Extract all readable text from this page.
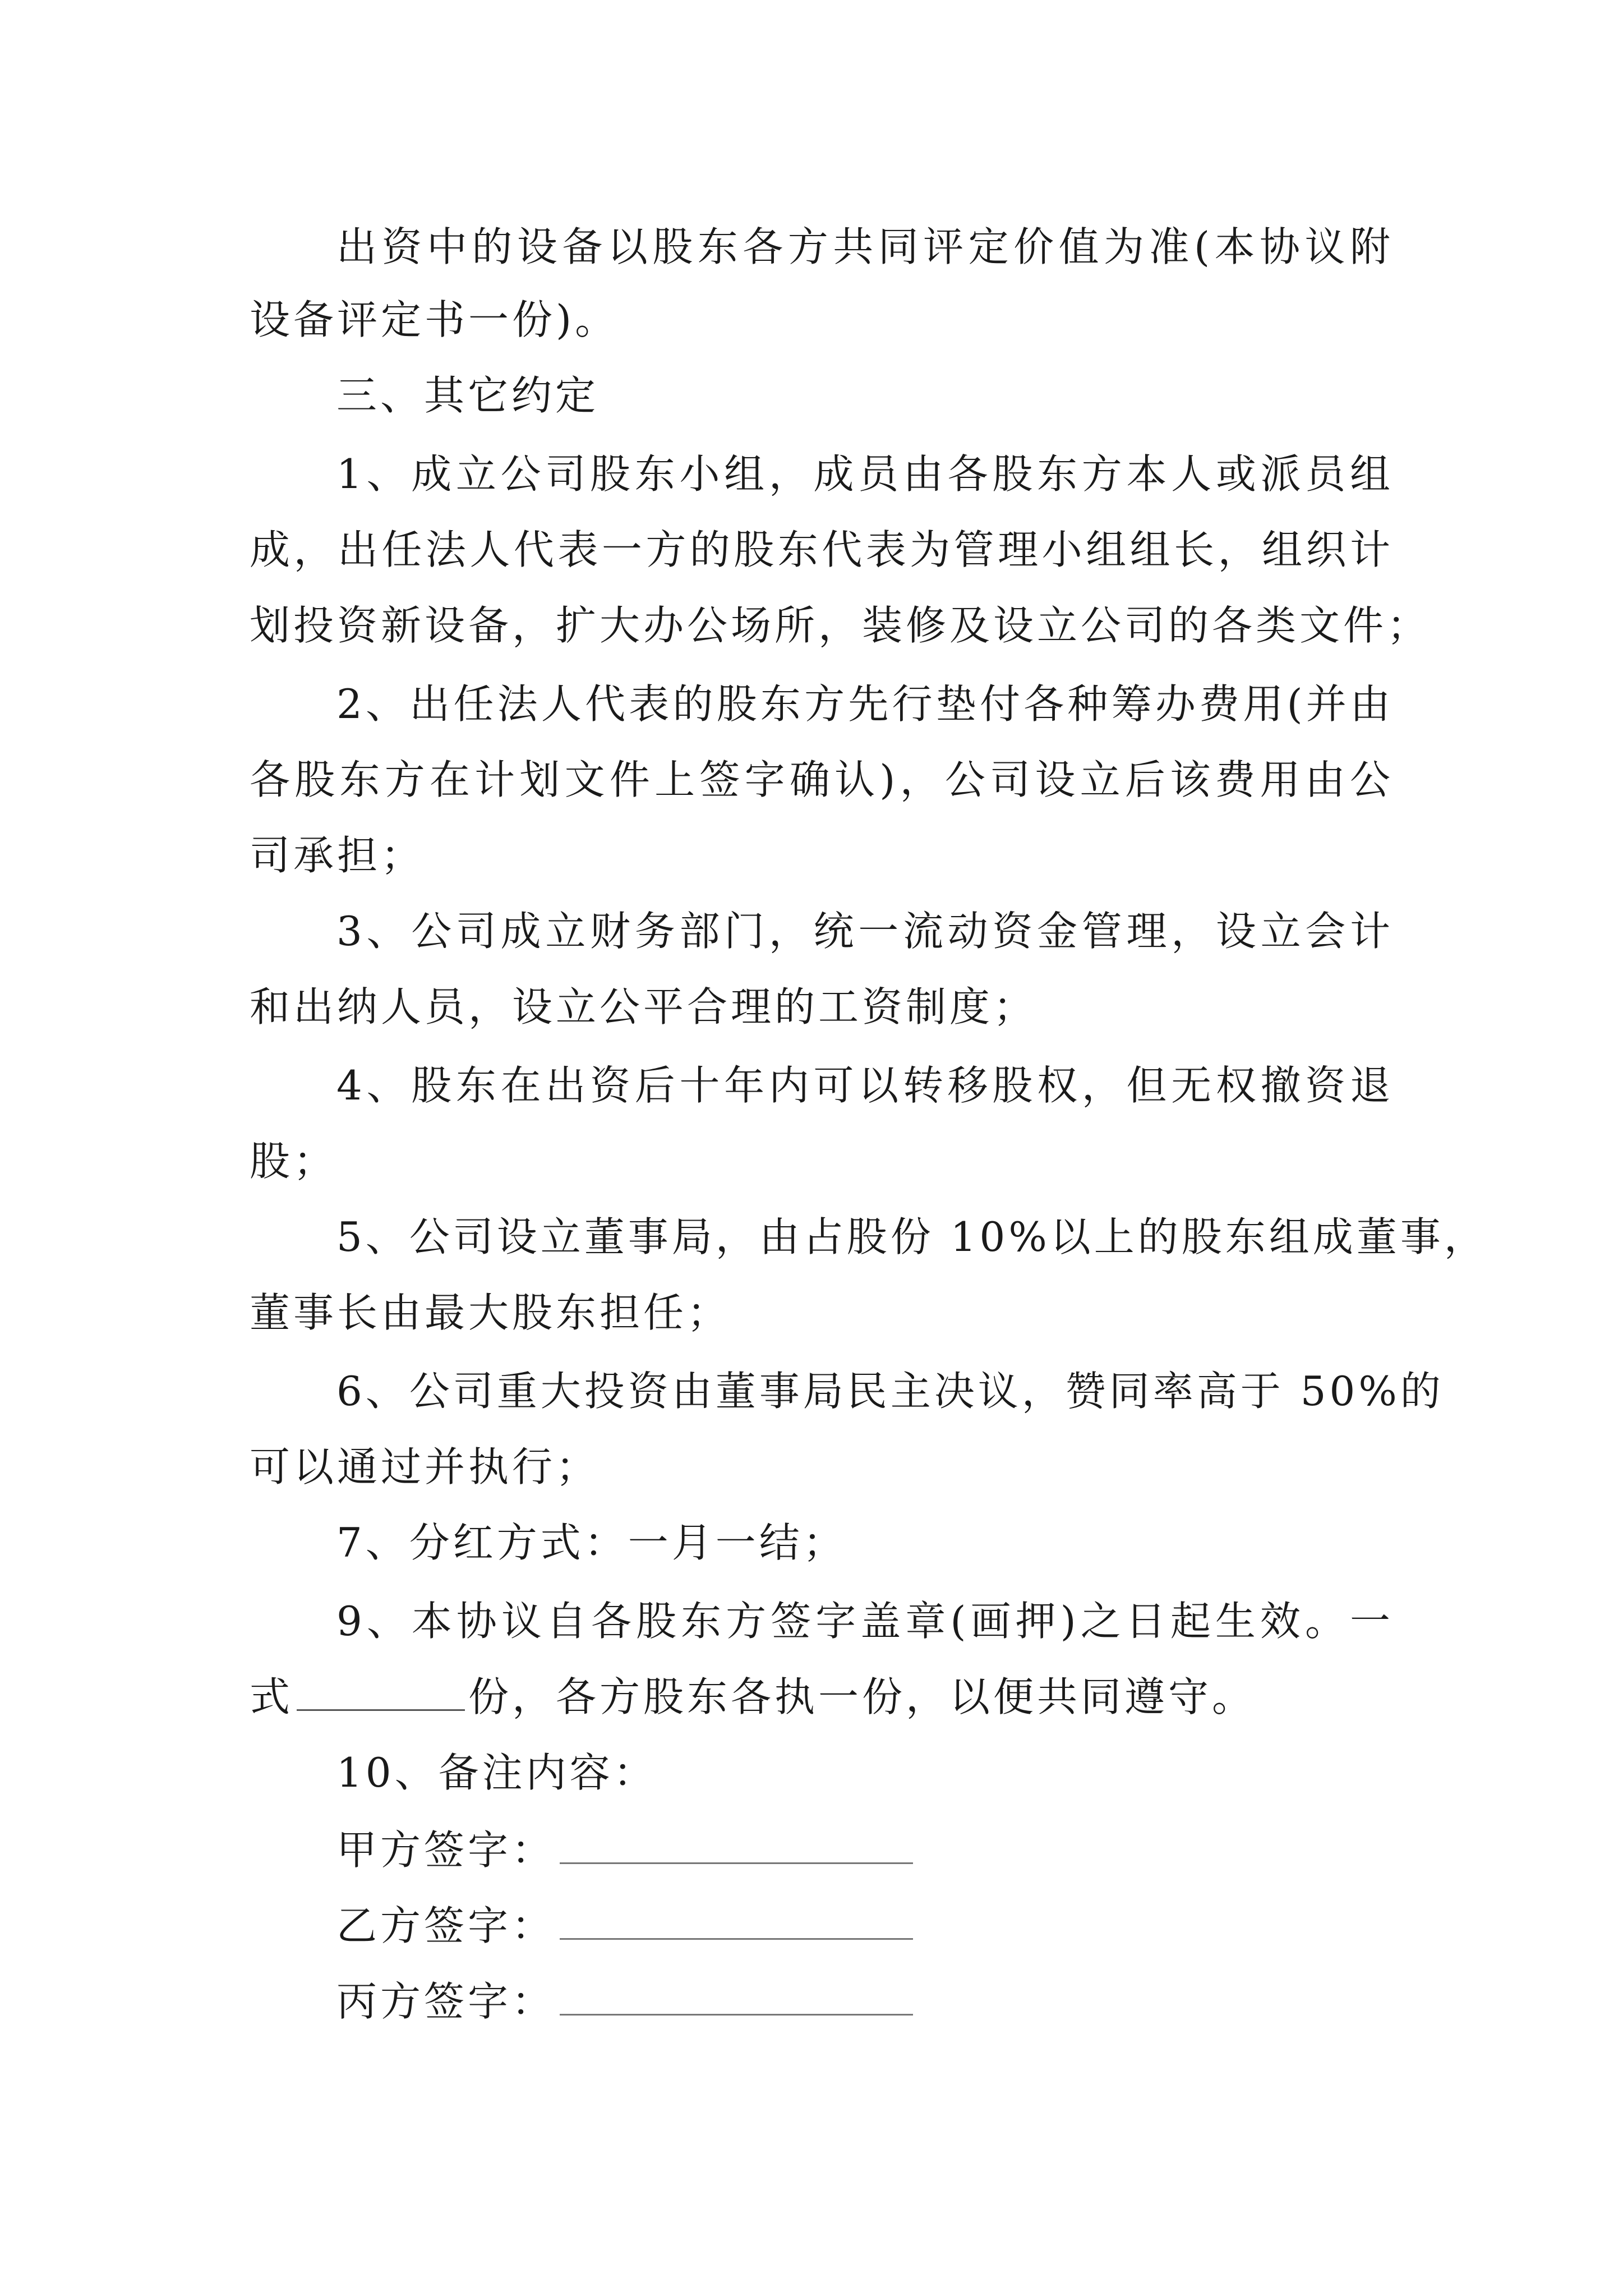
出资中的设备以股东各方共同评定价值为准(本协议附
设备评定书一份)。
三、其它约定
1、成立公司股东小组，成员由各股东方本人或派员组
成，出任法人代表一方的股东代表为管理小组组长，组织计
划投资新设备，扩大办公场所，装修及设立公司的各类文件；
2、出任法人代表的股东方先行垫付各种筹办费用(并由
各股东方在计划文件上签字确认)，公司设立后该费用由公
司承担；
3、公司成立财务部门，统一流动资金管理，设立会计
和出纳人员，设立公平合理的工资制度；
4、股东在出资后十年内可以转移股权，但无权撤资退
股；
5、公司设立董事局，由占股份 10%以上的股东组成董事，
董事长由最大股东担任；
6、公司重大投资由董事局民主决议，赞同率高于 50%的
可以通过并执行；
7、分红方式：一月一结；
9、本协议自各股东方签字盖章(画押)之日起生效。一
式	份，各方股东各执一份，以便共同遵守。
10、备注内容：
甲方签字：
乙方签字：
丙方签字：
